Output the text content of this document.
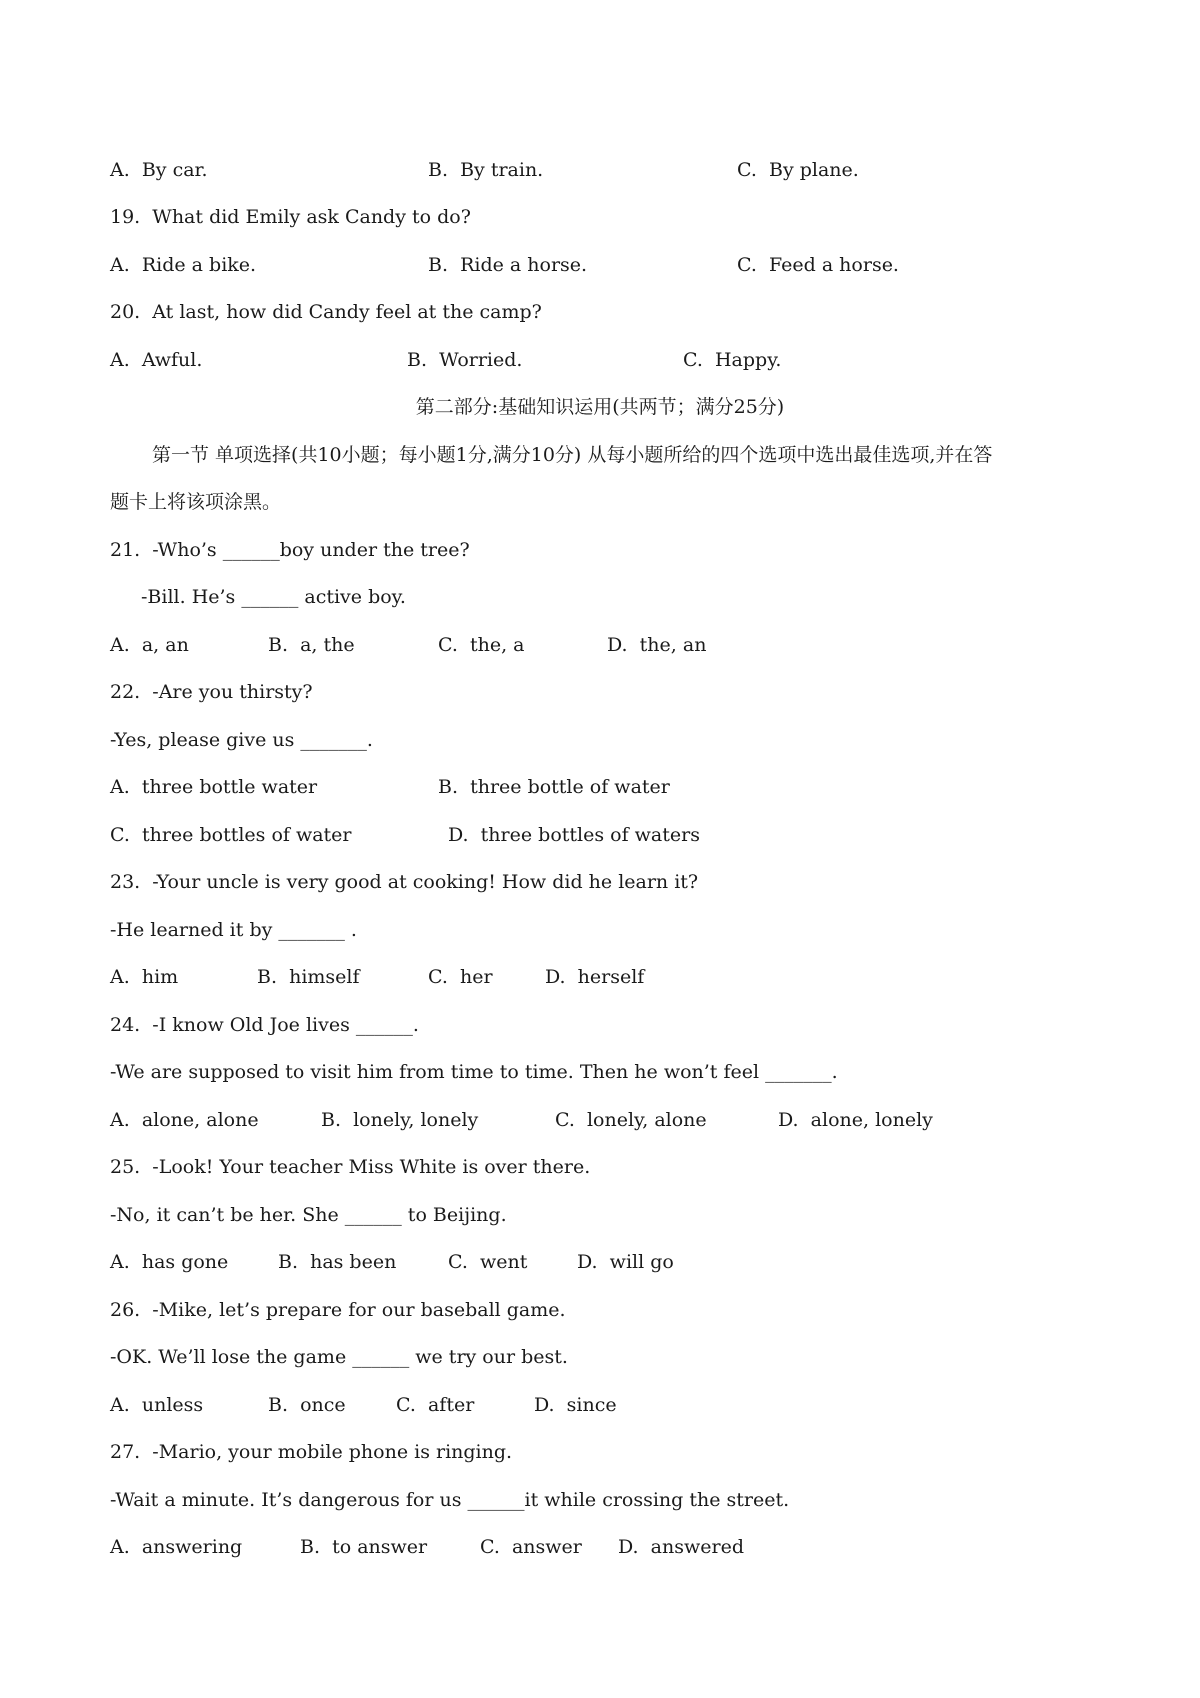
A.  By car.	B.  By train.	C.  By plane.
19.  What did Emily ask Candy to do?
A.  Ride a bike.	B.  Ride a horse.	C.  Feed a horse.
20.  At last, how did Candy feel at the camp?
A.  Awful.	B.  Worried.	C.  Happy.
第二部分:基础知识运用(共两节；满分25分)
第一节 单项选择(共10小题；每小题1分,满分10分) 从每小题所给的四个选项中选出最佳选项,并在答
题卡上将该项涂黑。
21.  -Who’s ______boy under the tree?
-Bill. He’s ______ active boy.
A.  a, an	B.  a, the	C.  the, a	D.  the, an
22.  -Are you thirsty?
-Yes, please give us _______.
A.  three bottle water	B.  three bottle of water
C.  three bottles of water	D.  three bottles of waters
23.  -Your uncle is very good at cooking! How did he learn it?
-He learned it by _______ .
A.  him	B.  himself	C.  her	D.  herself
24.  -I know Old Joe lives ______.
-We are supposed to visit him from time to time. Then he won’t feel _______.
A.  alone, alone	B.  lonely, lonely	C.  lonely, alone	D.  alone, lonely
25.  -Look! Your teacher Miss White is over there.
-No, it can’t be her. She ______ to Beijing.
A.  has gone	B.  has been	C.  went	D.  will go
26.  -Mike, let’s prepare for our baseball game.
-OK. We’ll lose the game ______ we try our best.
A.  unless	B.  once	C.  after	D.  since
27.  -Mario, your mobile phone is ringing.
-Wait a minute. It’s dangerous for us ______it while crossing the street.
A.  answering	B.  to answer	C.  answer D.  answered
